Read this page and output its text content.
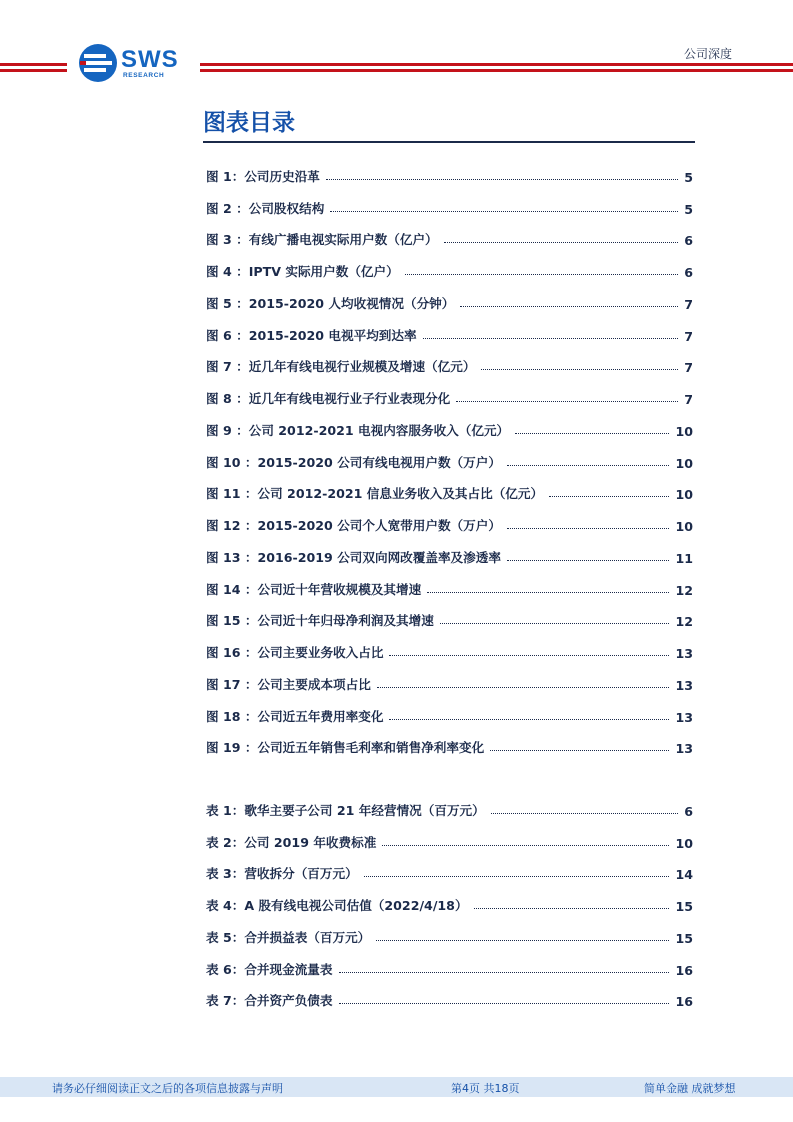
SWS
RESEARCH
公司深度
图表目录
图 1：公司历史沿革	5
图 2 ：公司股权结构	5
图 3 ：有线广播电视实际用户数（亿户）	6
图 4 ：IPTV 实际用户数（亿户）	6
图 5 ：2015-2020 人均收视情况（分钟）	7
图 6 ：2015-2020 电视平均到达率	7
图 7 ：近几年有线电视行业规模及增速（亿元）	7
图 8 ：近几年有线电视行业子行业表现分化	7
图 9 ：公司 2012-2021 电视内容服务收入（亿元）	10
图 10 ：2015-2020 公司有线电视用户数（万户）	10
图 11 ：公司 2012-2021 信息业务收入及其占比（亿元）	10
图 12 ：2015-2020 公司个人宽带用户数（万户）	10
图 13 ：2016-2019 公司双向网改覆盖率及渗透率	11
图 14 ：公司近十年营收规模及其增速	12
图 15 ：公司近十年归母净利润及其增速	12
图 16 ：公司主要业务收入占比	13
图 17 ：公司主要成本项占比	13
图 18 ：公司近五年费用率变化	13
图 19 ：公司近五年销售毛利率和销售净利率变化	13
表 1：歌华主要子公司 21 年经营情况（百万元）	6
表 2：公司 2019 年收费标准	10
表 3：营收拆分（百万元）	14
表 4：A 股有线电视公司估值（2022/4/18）	15
表 5：合并损益表（百万元）	15
表 6：合并现金流量表	16
表 7：合并资产负债表	16
请务必仔细阅读正文之后的各项信息披露与声明	第4页 共18页	简单金融 成就梦想
